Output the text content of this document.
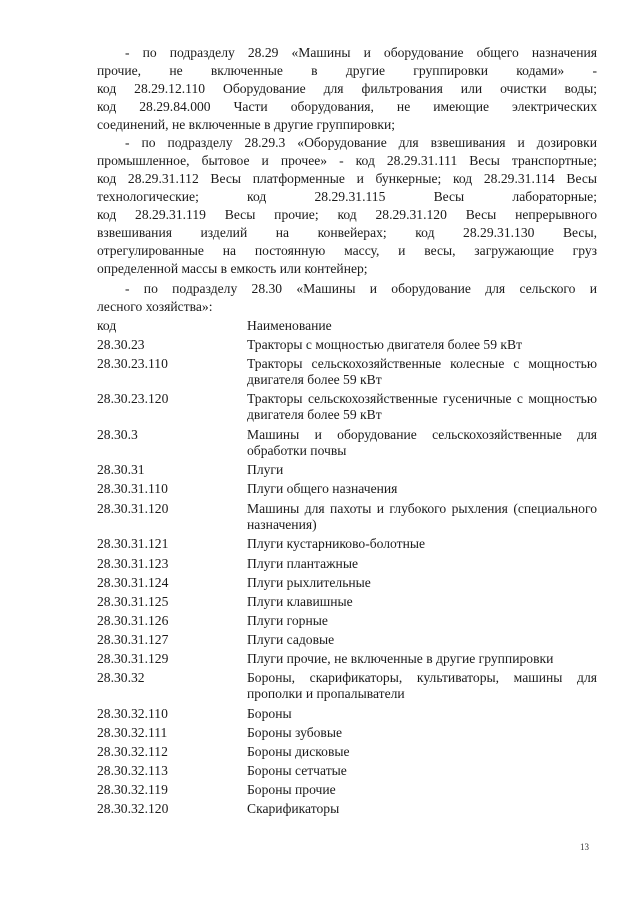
- по подразделу 28.29 «Машины и оборудование общего назначения
прочие, не включенные в другие группировки кодами» -
код 28.29.12.110 Оборудование для фильтрования или очистки воды;
код 28.29.84.000 Части оборудования, не имеющие электрических
соединений, не включенные в другие группировки;
- по подразделу 28.29.3 «Оборудование для взвешивания и дозировки
промышленное, бытовое и прочее» - код 28.29.31.111 Весы транспортные;
код 28.29.31.112 Весы платформенные и бункерные; код 28.29.31.114 Весы
технологические; код 28.29.31.115 Весы лабораторные;
код 28.29.31.119 Весы прочие; код 28.29.31.120 Весы непрерывного
взвешивания изделий на конвейерах; код 28.29.31.130 Весы,
отрегулированные на постоянную массу, и весы, загружающие груз
определенной массы в емкость или контейнер;
- по подразделу 28.30 «Машины и оборудование для сельского и
лесного хозяйства»:
код	Наименование
28.30.23	Тракторы с мощностью двигателя более 59 кВт
28.30.23.110	Тракторы сельскохозяйственные колесные с мощностью двигателя более 59 кВт
28.30.23.120	Тракторы сельскохозяйственные гусеничные с мощностью двигателя более 59 кВт
28.30.3	Машины и оборудование сельскохозяйственные для обработки почвы
28.30.31	Плуги
28.30.31.110	Плуги общего назначения
28.30.31.120	Машины для пахоты и глубокого рыхления (специального назначения)
28.30.31.121	Плуги кустарниково-болотные
28.30.31.123	Плуги плантажные
28.30.31.124	Плуги рыхлительные
28.30.31.125	Плуги клавишные
28.30.31.126	Плуги горные
28.30.31.127	Плуги садовые
28.30.31.129	Плуги прочие, не включенные в другие группировки
28.30.32	Бороны, скарификаторы, культиваторы, машины для прополки и пропалыватели
28.30.32.110	Бороны
28.30.32.111	Бороны зубовые
28.30.32.112	Бороны дисковые
28.30.32.113	Бороны сетчатые
28.30.32.119	Бороны прочие
28.30.32.120	Скарификаторы
13
